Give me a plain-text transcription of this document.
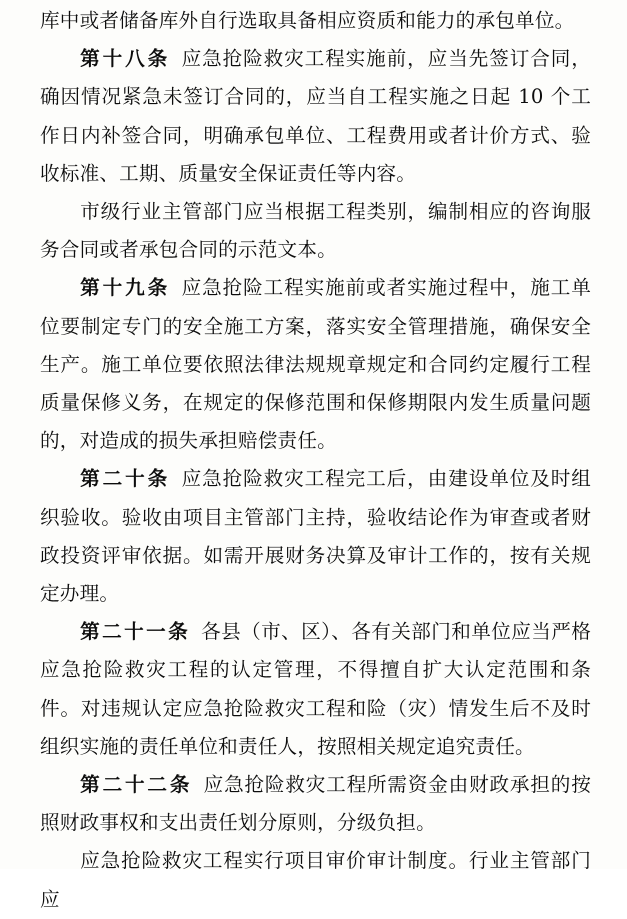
库中或者储备库外自行选取具备相应资质和能力的承包单位。

第十八条 应急抢险救灾工程实施前，应当先签订合同，确因情况紧急未签订合同的，应当自工程实施之日起 10 个工作日内补签合同，明确承包单位、工程费用或者计价方式、验收标准、工期、质量安全保证责任等内容。

市级行业主管部门应当根据工程类别，编制相应的咨询服务合同或者承包合同的示范文本。

第十九条 应急抢险工程实施前或者实施过程中，施工单位要制定专门的安全施工方案，落实安全管理措施，确保安全生产。施工单位要依照法律法规规章规定和合同约定履行工程质量保修义务，在规定的保修范围和保修期限内发生质量问题的，对造成的损失承担赔偿责任。

第二十条 应急抢险救灾工程完工后，由建设单位及时组织验收。验收由项目主管部门主持，验收结论作为审查或者财政投资评审依据。如需开展财务决算及审计工作的，按有关规定办理。

第二十一条 各县（市、区）、各有关部门和单位应当严格应急抢险救灾工程的认定管理，不得擅自扩大认定范围和条件。对违规认定应急抢险救灾工程和险（灾）情发生后不及时组织实施的责任单位和责任人，按照相关规定追究责任。

第二十二条 应急抢险救灾工程所需资金由财政承担的按照财政事权和支出责任划分原则，分级负担。

应急抢险救灾工程实行项目审价审计制度。行业主管部门应
